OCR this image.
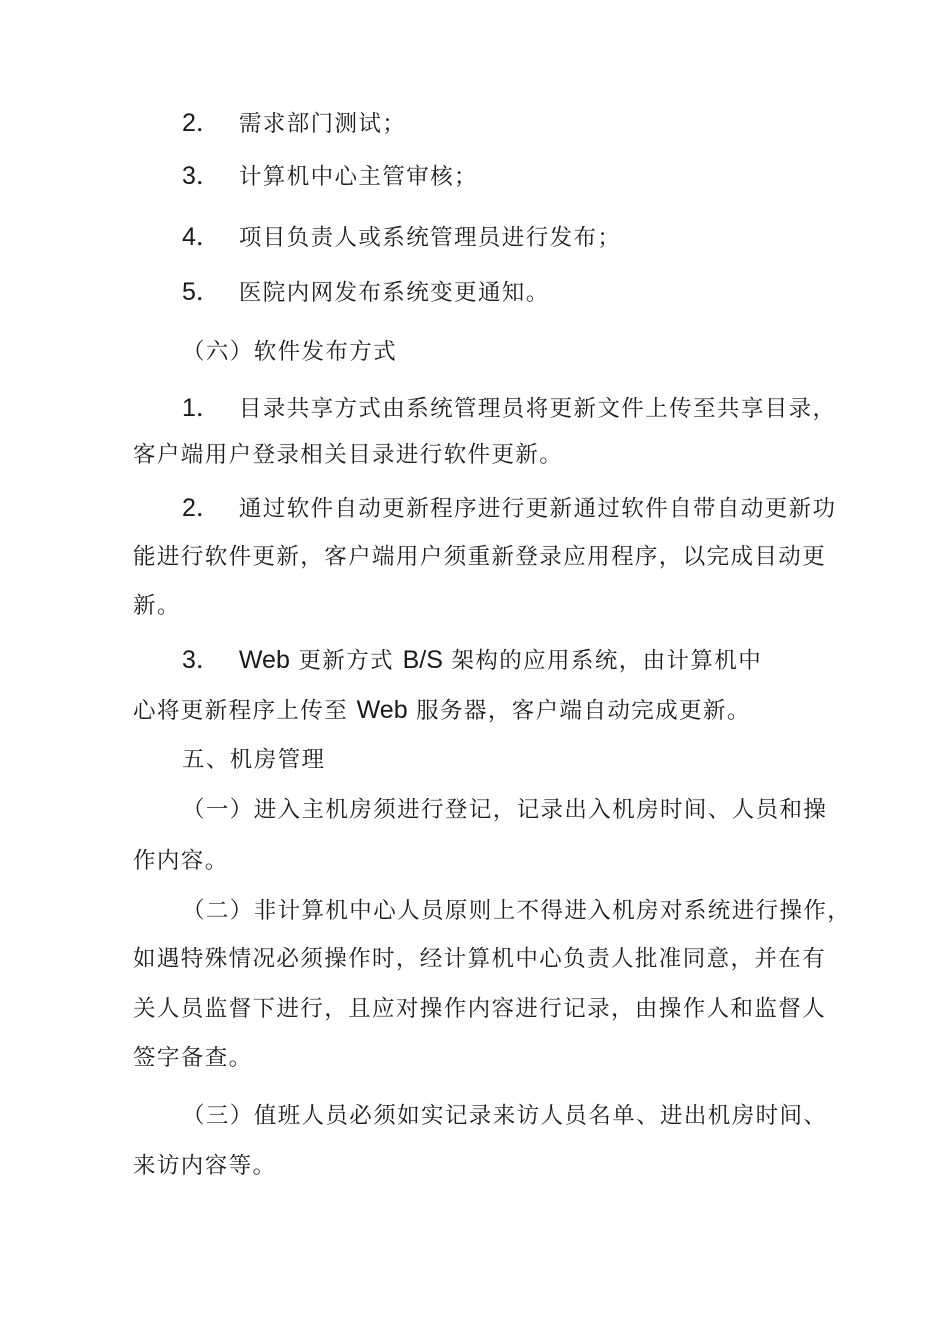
2． 需求部门测试；
3． 计算机中心主管审核；
4． 项目负责人或系统管理员进行发布；
5． 医院内网发布系统变更通知。
（六）软件发布方式
1． 目录共享方式由系统管理员将更新文件上传至共享目录，
客户端用户登录相关目录进行软件更新。
2． 通过软件自动更新程序进行更新通过软件自带自动更新功
能进行软件更新，客户端用户须重新登录应用程序，以完成目动更
新。
3． Web 更新方式 B/S 架构的应用系统，由计算机中
心将更新程序上传至 Web 服务器，客户端自动完成更新。
五、机房管理
（一）进入主机房须进行登记，记录出入机房时间、人员和操
作内容。
（二）非计算机中心人员原则上不得进入机房对系统进行操作，
如遇特殊情况必须操作时，经计算机中心负责人批准同意，并在有
关人员监督下进行，且应对操作内容进行记录，由操作人和监督人
签字备查。
（三）值班人员必须如实记录来访人员名单、进出机房时间、
来访内容等。
